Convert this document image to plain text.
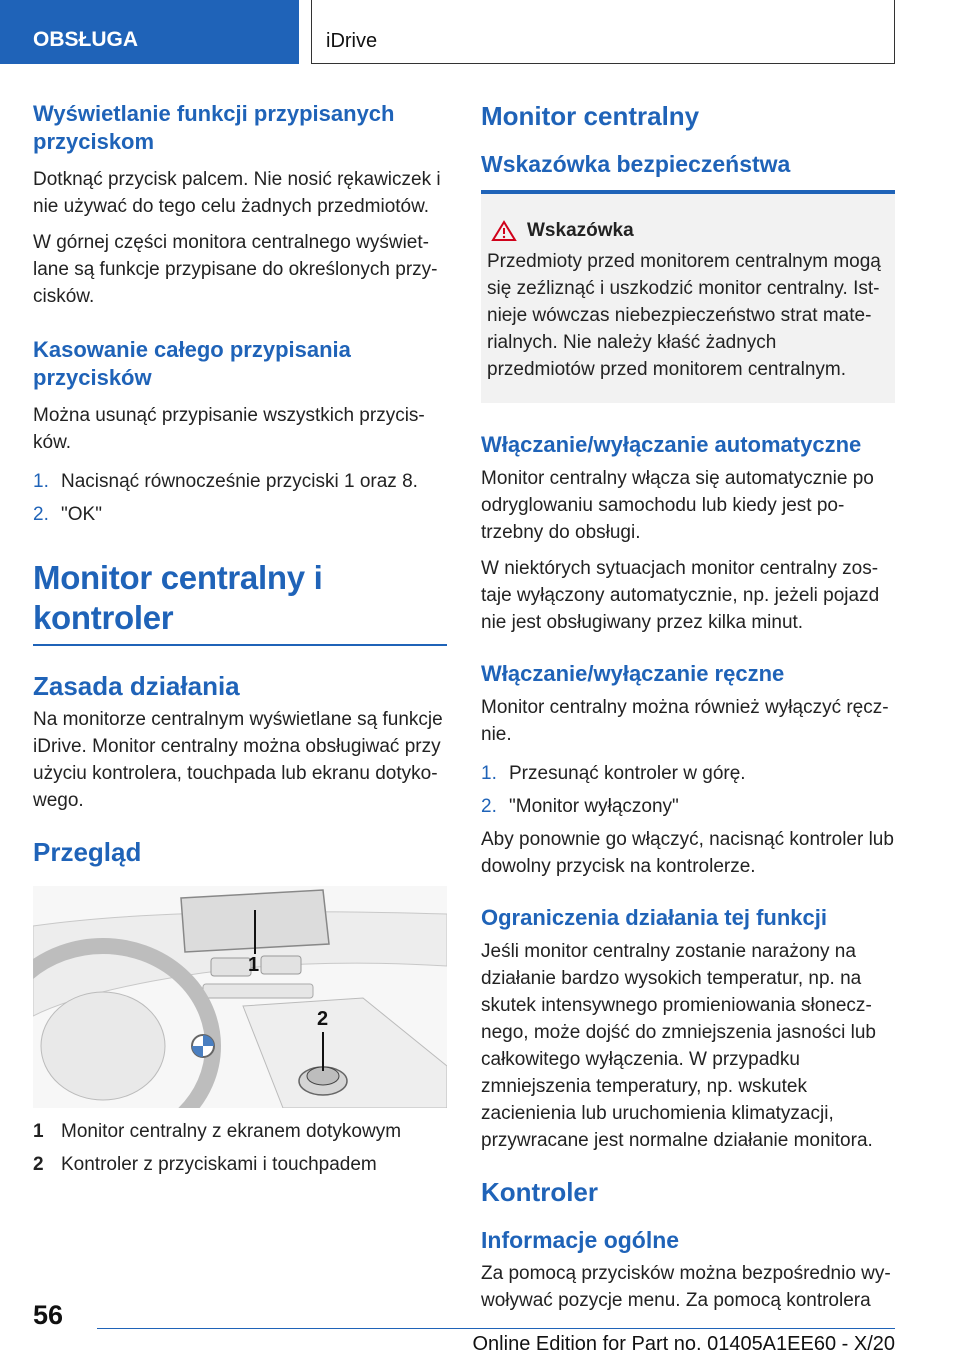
OBSŁUGA	iDrive
Wyświetlanie funkcji przypisanych przyciskom

Dotknąć przycisk palcem. Nie nosić rękawiczek i nie używać do tego celu żadnych przedmiotów.

W górnej części monitora centralnego wyświetlane są funkcje przypisane do określonych przycisków.

Kasowanie całego przypisania przycisków

Można usunąć przypisanie wszystkich przycisków.

1. Nacisnąć równocześnie przyciski 1 oraz 8.
2. "OK"
Monitor centralny i kontroler
Zasada działania

Na monitorze centralnym wyświetlane są funkcje iDrive. Monitor centralny można obsługiwać przy użyciu kontrolera, touchpada lub ekranu dotykowego.

Przegląd
1
2
1 Monitor centralny z ekranem dotykowym
2 Kontroler z przyciskami i touchpadem
Monitor centralny
Wskazówka bezpieczeństwa
Wskazówka

Przedmioty przed monitorem centralnym mogą się zeźliznąć i uszkodzić monitor centralny. Istnieje wówczas niebezpieczeństwo strat materialnych. Nie należy kłaść żadnych przedmiotów przed monitorem centralnym.

Włączanie/wyłączanie automatyczne

Monitor centralny włącza się automatycznie po odryglowaniu samochodu lub kiedy jest potrzebny do obsługi.

W niektórych sytuacjach monitor centralny zostaje wyłączony automatycznie, np. jeżeli pojazd nie jest obsługiwany przez kilka minut.

Włączanie/wyłączanie ręczne

Monitor centralny można również wyłączyć ręcznie.

1. Przesunąć kontroler w górę.
2. "Monitor wyłączony"

Aby ponownie go włączyć, nacisnąć kontroler lub dowolny przycisk na kontrolerze.

Ograniczenia działania tej funkcji

Jeśli monitor centralny zostanie narażony na działanie bardzo wysokich temperatur, np. na skutek intensywnego promieniowania słonecznego, może dojść do zmniejszenia jasności lub całkowitego wyłączenia. W przypadku zmniejszenia temperatury, np. wskutek zacienienia lub uruchomienia klimatyzacji, przywracane jest normalne działanie monitora.

Kontroler
Informacje ogólne

Za pomocą przycisków można bezpośrednio wywoływać pozycje menu. Za pomocą kontrolera

56
Online Edition for Part no. 01405A1EE60 - X/20
